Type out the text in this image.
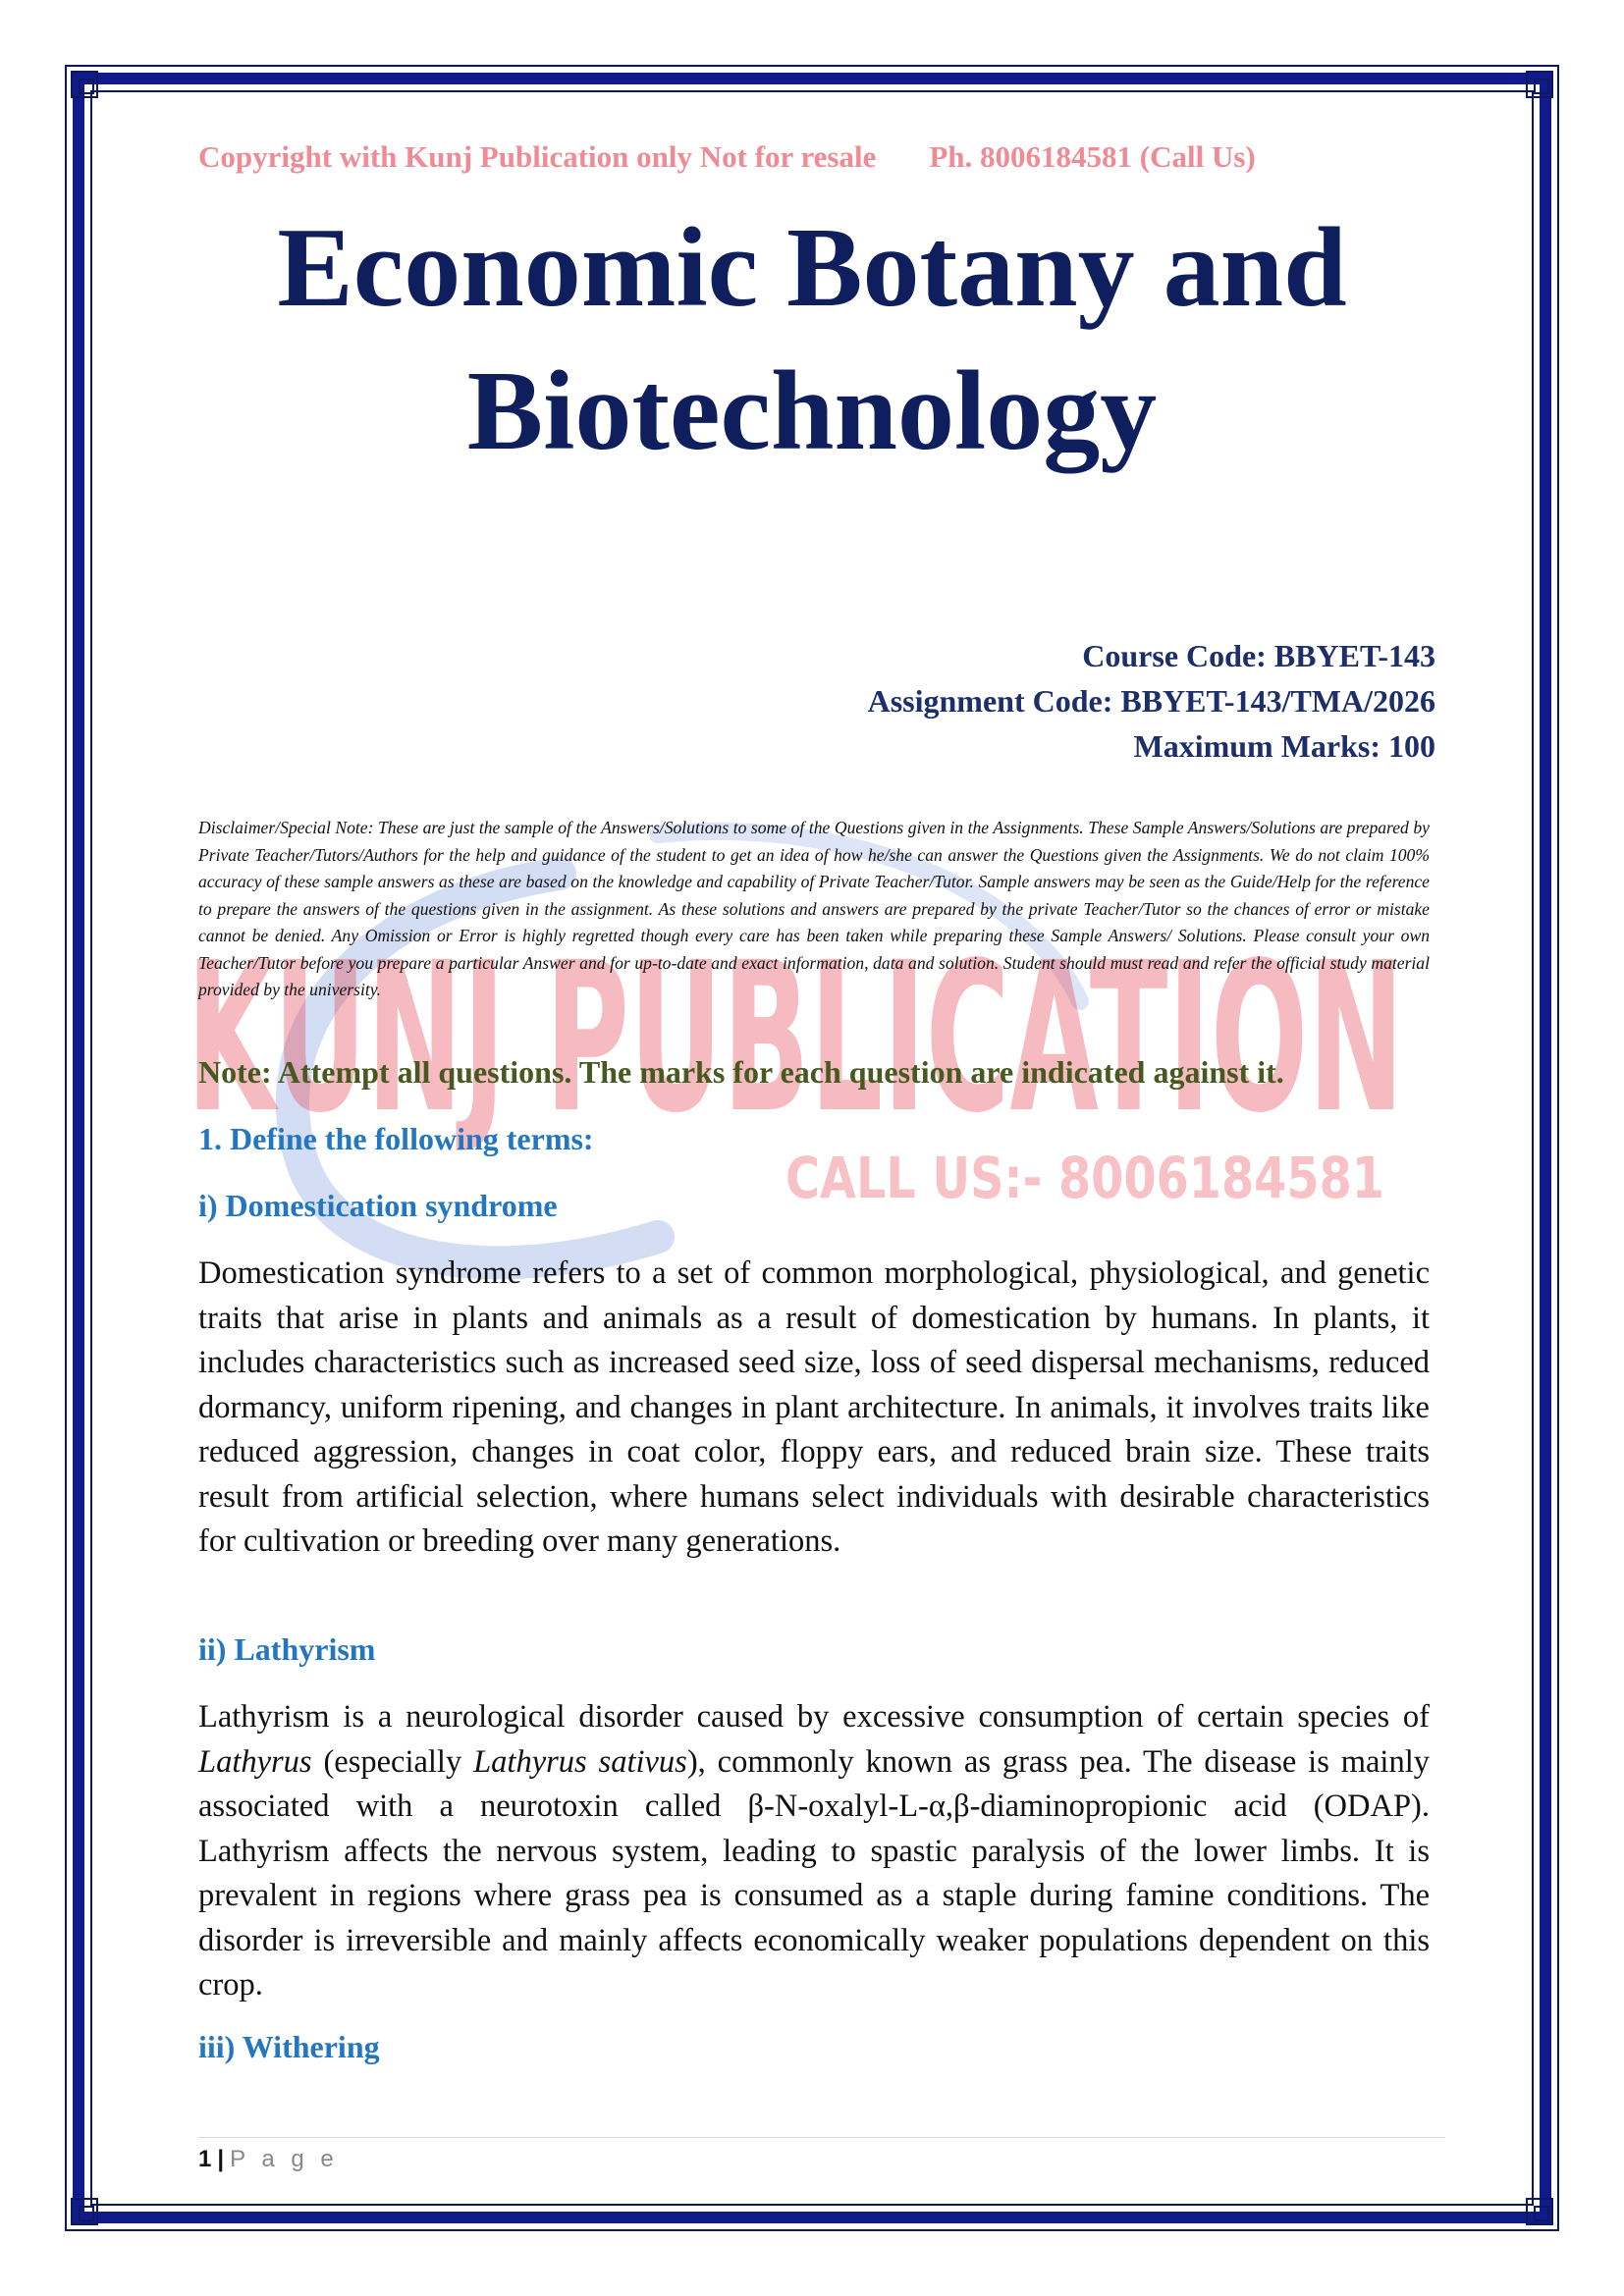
KUNJ PUBLICATION
CALL US:- 8006184581
Copyright with Kunj Publication only Not for resale Ph. 8006184581 (Call Us)
Economic Botany and
Biotechnology
Course Code: BBYET-143
Assignment Code: BBYET-143/TMA/2026
Maximum Marks: 100
Disclaimer/Special Note: These are just the sample of the Answers/Solutions to some of the Questions given in the Assignments. These Sample Answers/Solutions are prepared by Private Teacher/Tutors/Authors for the help and guidance of the student to get an idea of how he/she can answer the Questions given the Assignments. We do not claim 100% accuracy of these sample answers as these are based on the knowledge and capability of Private Teacher/Tutor. Sample answers may be seen as the Guide/Help for the reference to prepare the answers of the questions given in the assignment. As these solutions and answers are prepared by the private Teacher/Tutor so the chances of error or mistake cannot be denied. Any Omission or Error is highly regretted though every care has been taken while preparing these Sample Answers/ Solutions. Please consult your own Teacher/Tutor before you prepare a particular Answer and for up-to-date and exact information, data and solution. Student should must read and refer the official study material provided by the university.
Note: Attempt all questions. The marks for each question are indicated against it.
1. Define the following terms:
i) Domestication syndrome
Domestication syndrome refers to a set of common morphological, physiological, and genetic traits that arise in plants and animals as a result of domestication by humans. In plants, it includes characteristics such as increased seed size, loss of seed dispersal mechanisms, reduced dormancy, uniform ripening, and changes in plant architecture. In animals, it involves traits like reduced aggression, changes in coat color, floppy ears, and reduced brain size. These traits result from artificial selection, where humans select individuals with desirable characteristics for cultivation or breeding over many generations.
ii) Lathyrism
Lathyrism is a neurological disorder caused by excessive consumption of certain species of Lathyrus (especially Lathyrus sativus), commonly known as grass pea. The disease is mainly associated with a neurotoxin called β-N-oxalyl-L-α,β-diaminopropionic acid (ODAP). Lathyrism affects the nervous system, leading to spastic paralysis of the lower limbs. It is prevalent in regions where grass pea is consumed as a staple during famine conditions. The disorder is irreversible and mainly affects economically weaker populations dependent on this crop.
iii) Withering
1 | P a g e
